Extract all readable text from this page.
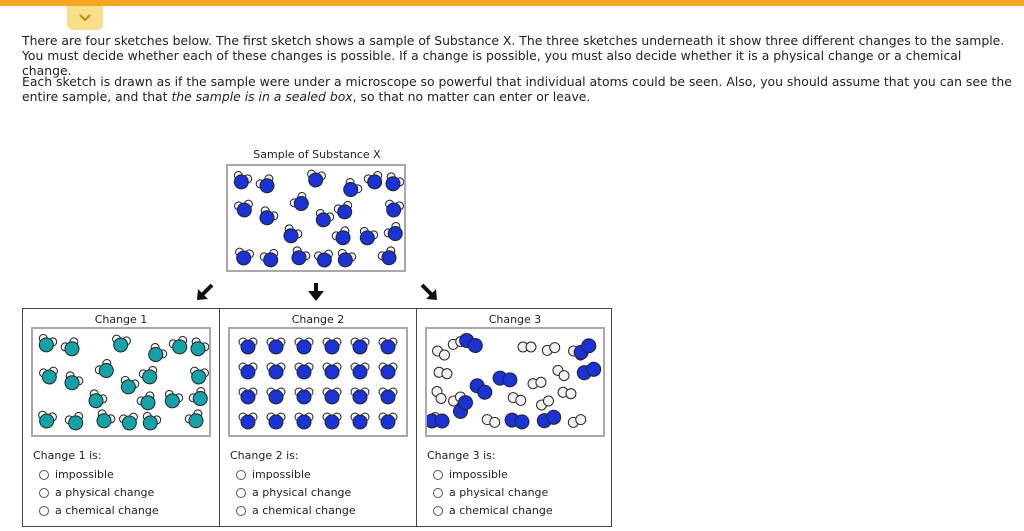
There are four sketches below. The first sketch shows a sample of Substance X. The three sketches underneath it show three different changes to the sample.
You must decide whether each of these changes is possible. If a change is possible, you must also decide whether it is a physical change or a chemical change.

Each sketch is drawn as if the sample were under a microscope so powerful that individual atoms could be seen. Also, you should assume that you can see the
entire sample, and that the sample is in a sealed box, so that no matter can enter or leave.

Sample of Substance X
Change 1
Change 1 is:
impossible
a physical change
a chemical change
Change 2
Change 2 is:
impossible
a physical change
a chemical change
Change 3
Change 3 is:
impossible
a physical change
a chemical change
